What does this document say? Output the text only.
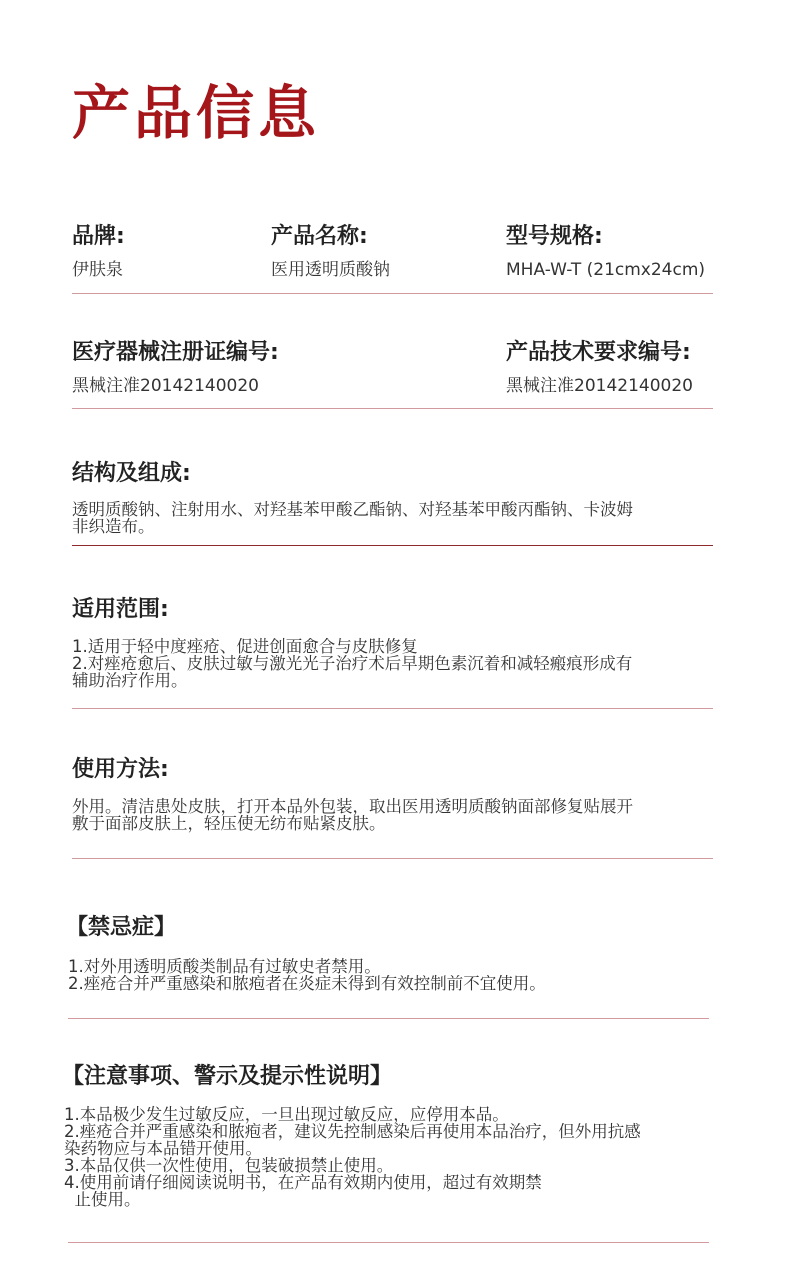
产品信息
品牌:
伊肤泉
产品名称:
医用透明质酸钠
型号规格:
MHA-W-T (21cmx24cm)
医疗器械注册证编号:
黑械注准20142140020
产品技术要求编号:
黑械注准20142140020
结构及组成:
透明质酸钠、注射用水、对羟基苯甲酸乙酯钠、对羟基苯甲酸丙酯钠、卡波姆
非织造布。
适用范围:
1.适用于轻中度痤疮、促进创面愈合与皮肤修复
2.对痤疮愈后、皮肤过敏与激光光子治疗术后早期色素沉着和减轻瘢痕形成有
辅助治疗作用。
使用方法:
外用。清洁患处皮肤，打开本品外包装，取出医用透明质酸钠面部修复贴展开
敷于面部皮肤上，轻压使无纺布贴紧皮肤。
【禁忌症】
1.对外用透明质酸类制品有过敏史者禁用。
2.痤疮合并严重感染和脓疱者在炎症未得到有效控制前不宜使用。
【注意事项、警示及提示性说明】
1.本品极少发生过敏反应，一旦出现过敏反应，应停用本品。
2.痤疮合并严重感染和脓疱者，建议先控制感染后再使用本品治疗，但外用抗感
染药物应与本品错开使用。
3.本品仅供一次性使用，包装破损禁止使用。
4.使用前请仔细阅读说明书，在产品有效期内使用，超过有效期禁
止使用。
